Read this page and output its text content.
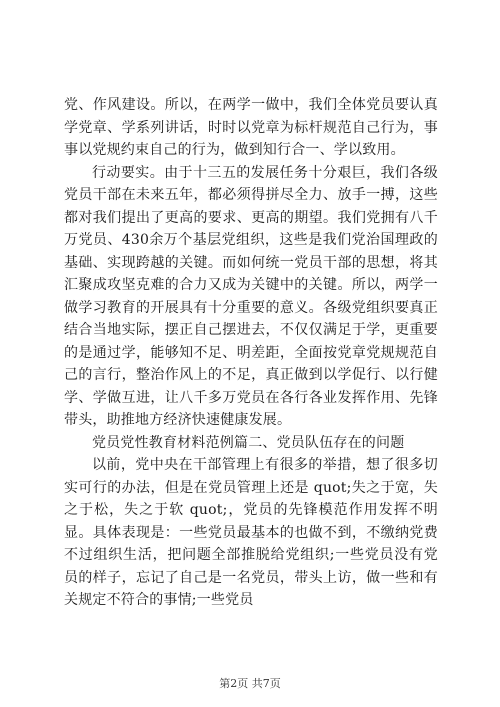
党、作风建设。所以，在两学一做中，我们全体党员要认真学党章、学系列讲话，时时以党章为标杆规范自己行为，事事以党规约束自己的行为，做到知行合一、学以致用。

行动要实。由于十三五的发展任务十分艰巨，我们各级党员干部在未来五年，都必须得拼尽全力、放手一搏，这些都对我们提出了更高的要求、更高的期望。我们党拥有八千万党员、430余万个基层党组织，这些是我们党治国理政的基础、实现跨越的关键。而如何统一党员干部的思想，将其汇聚成攻坚克难的合力又成为关键中的关键。所以，两学一做学习教育的开展具有十分重要的意义。各级党组织要真正结合当地实际，摆正自己摆进去，不仅仅满足于学，更重要的是通过学，能够知不足、明差距，全面按党章党规规范自己的言行，整治作风上的不足，真正做到以学促行、以行健学、学做互进，让八千多万党员在各行各业发挥作用、先锋带头，助推地方经济快速健康发展。

党员党性教育材料范例篇二、党员队伍存在的问题

以前，党中央在干部管理上有很多的举措，想了很多切实可行的办法，但是在党员管理上还是 quot;失之于宽，失之于松，失之于软 quot;，党员的先锋模范作用发挥不明显。具体表现是：一些党员最基本的也做不到，不缴纳党费不过组织生活，把问题全部推脱给党组织;一些党员没有党员的样子，忘记了自己是一名党员，带头上访，做一些和有关规定不符合的事情;一些党员

第2页 共7页
